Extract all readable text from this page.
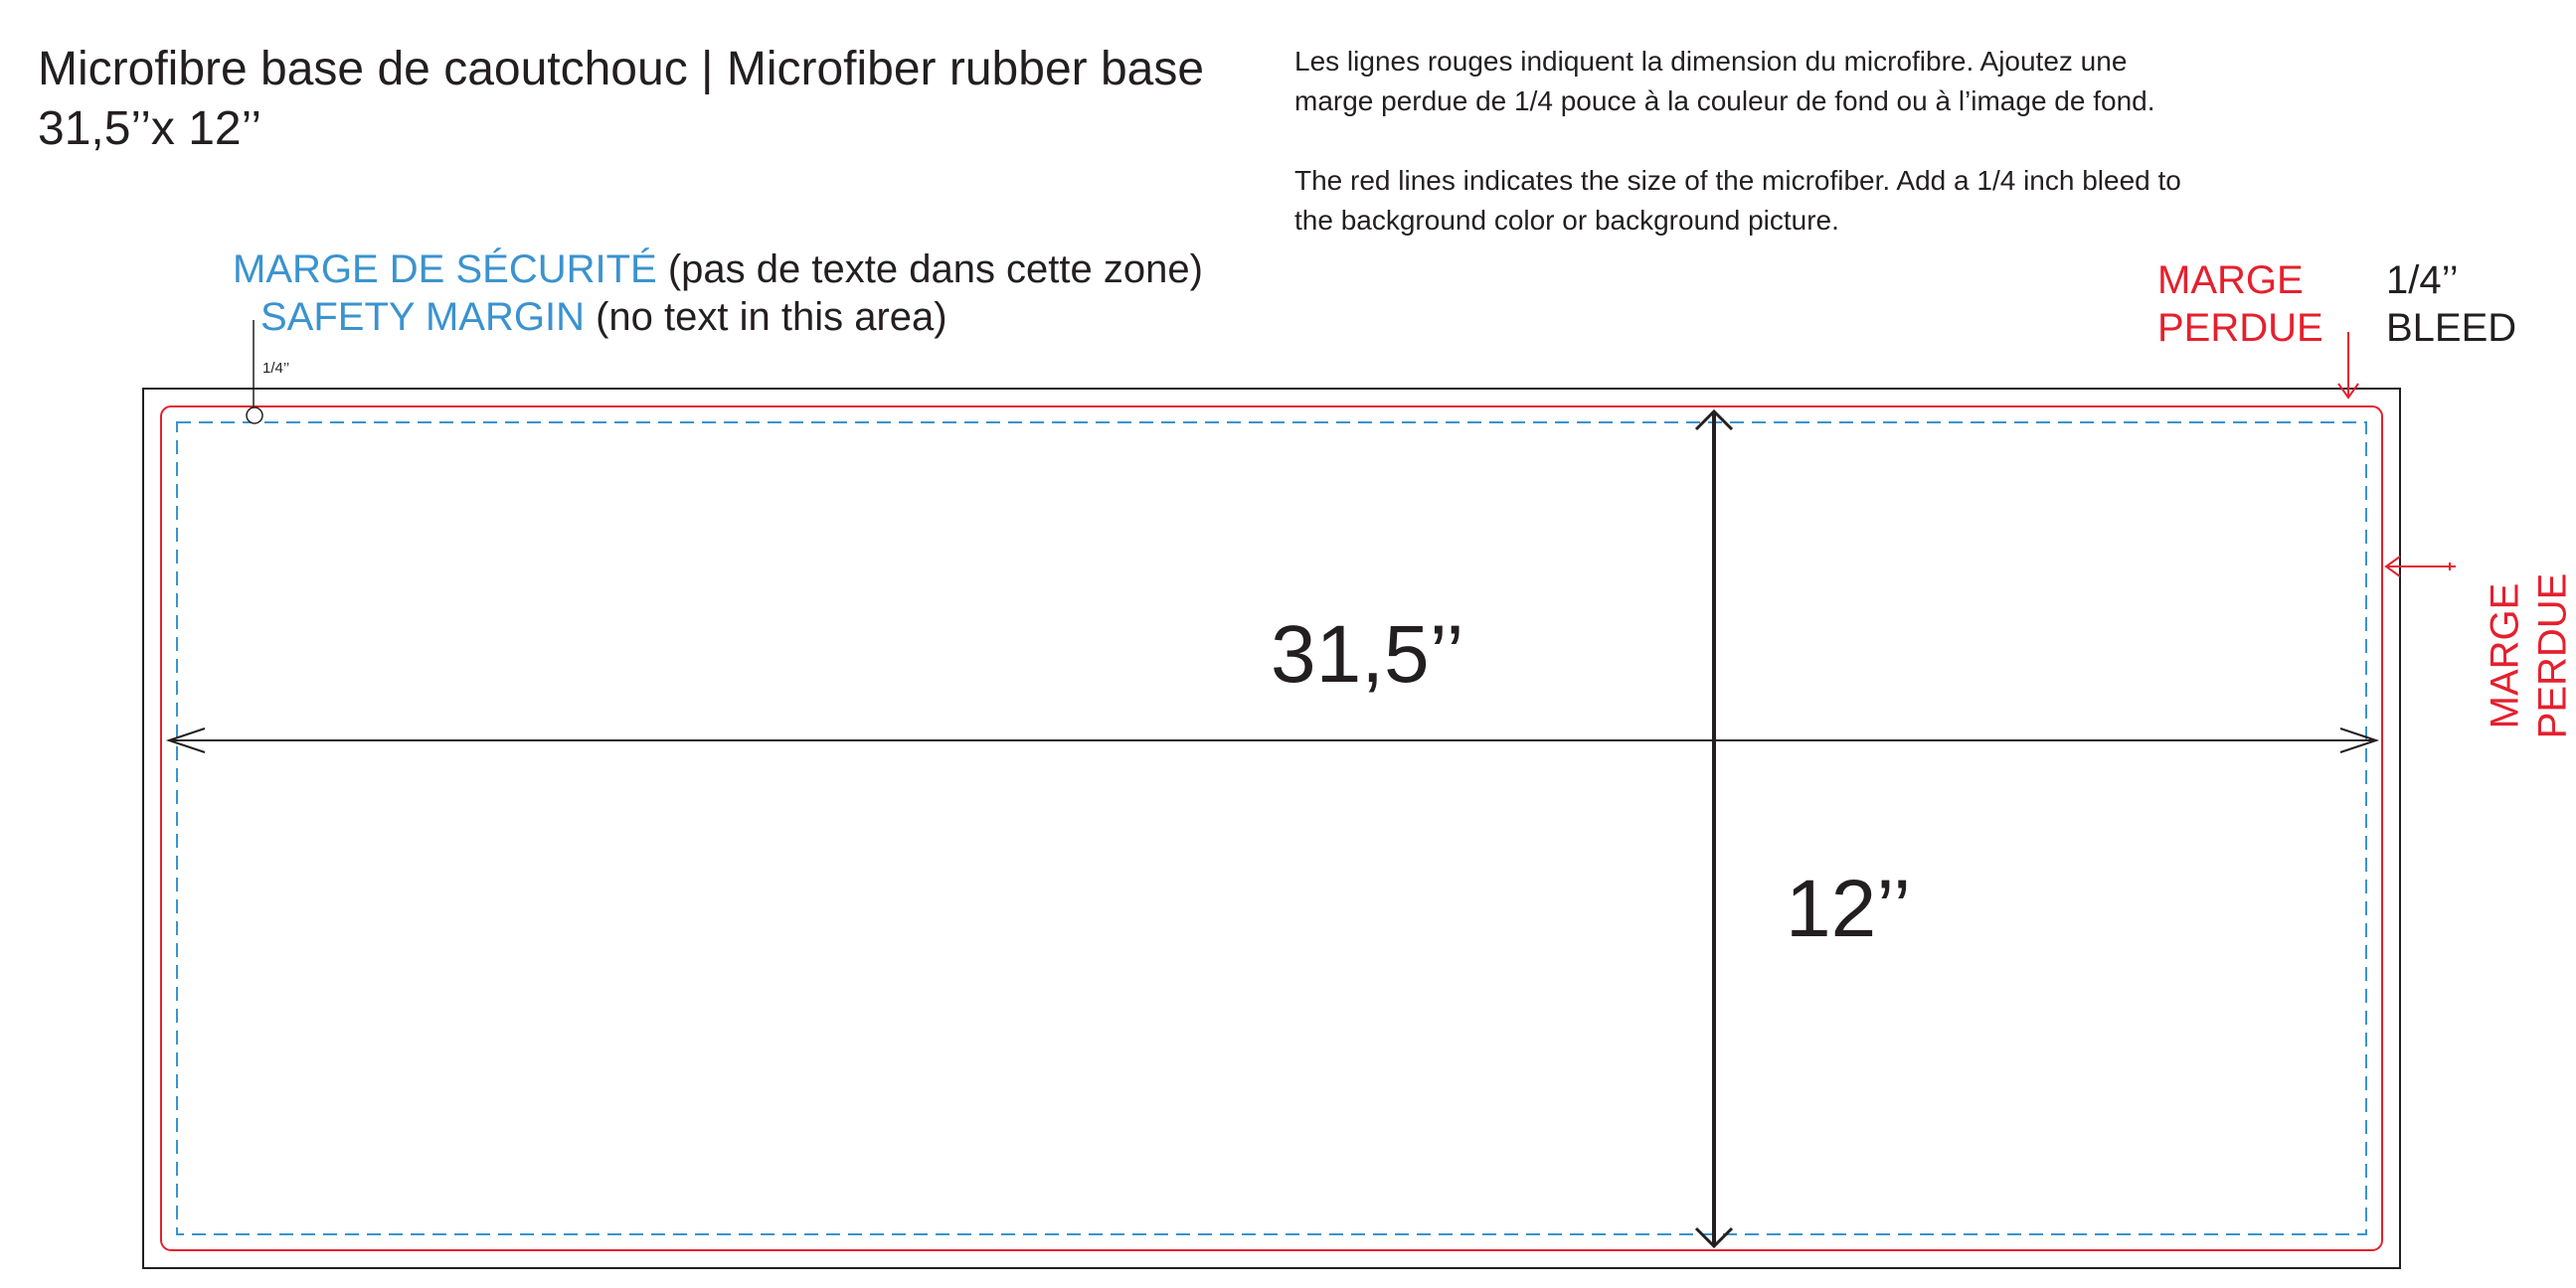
Microfibre base de caoutchouc | Microfiber rubber base
31,5’’x 12’’

Les lignes rouges indiquent la dimension du microfibre. Ajoutez une marge perdue de 1/4 pouce à la couleur de fond ou à l’image de fond.

The red lines indicates the size of the microfiber. Add a 1/4 inch bleed to the background color or background picture.

MARGE DE SÉCURITÉ (pas de texte dans cette zone)
SAFETY MARGIN (no text in this area)
1/4’’
MARGE
PERDUE
1/4’’
BLEED
MARGE PERDUE
31,5’’
12’’
